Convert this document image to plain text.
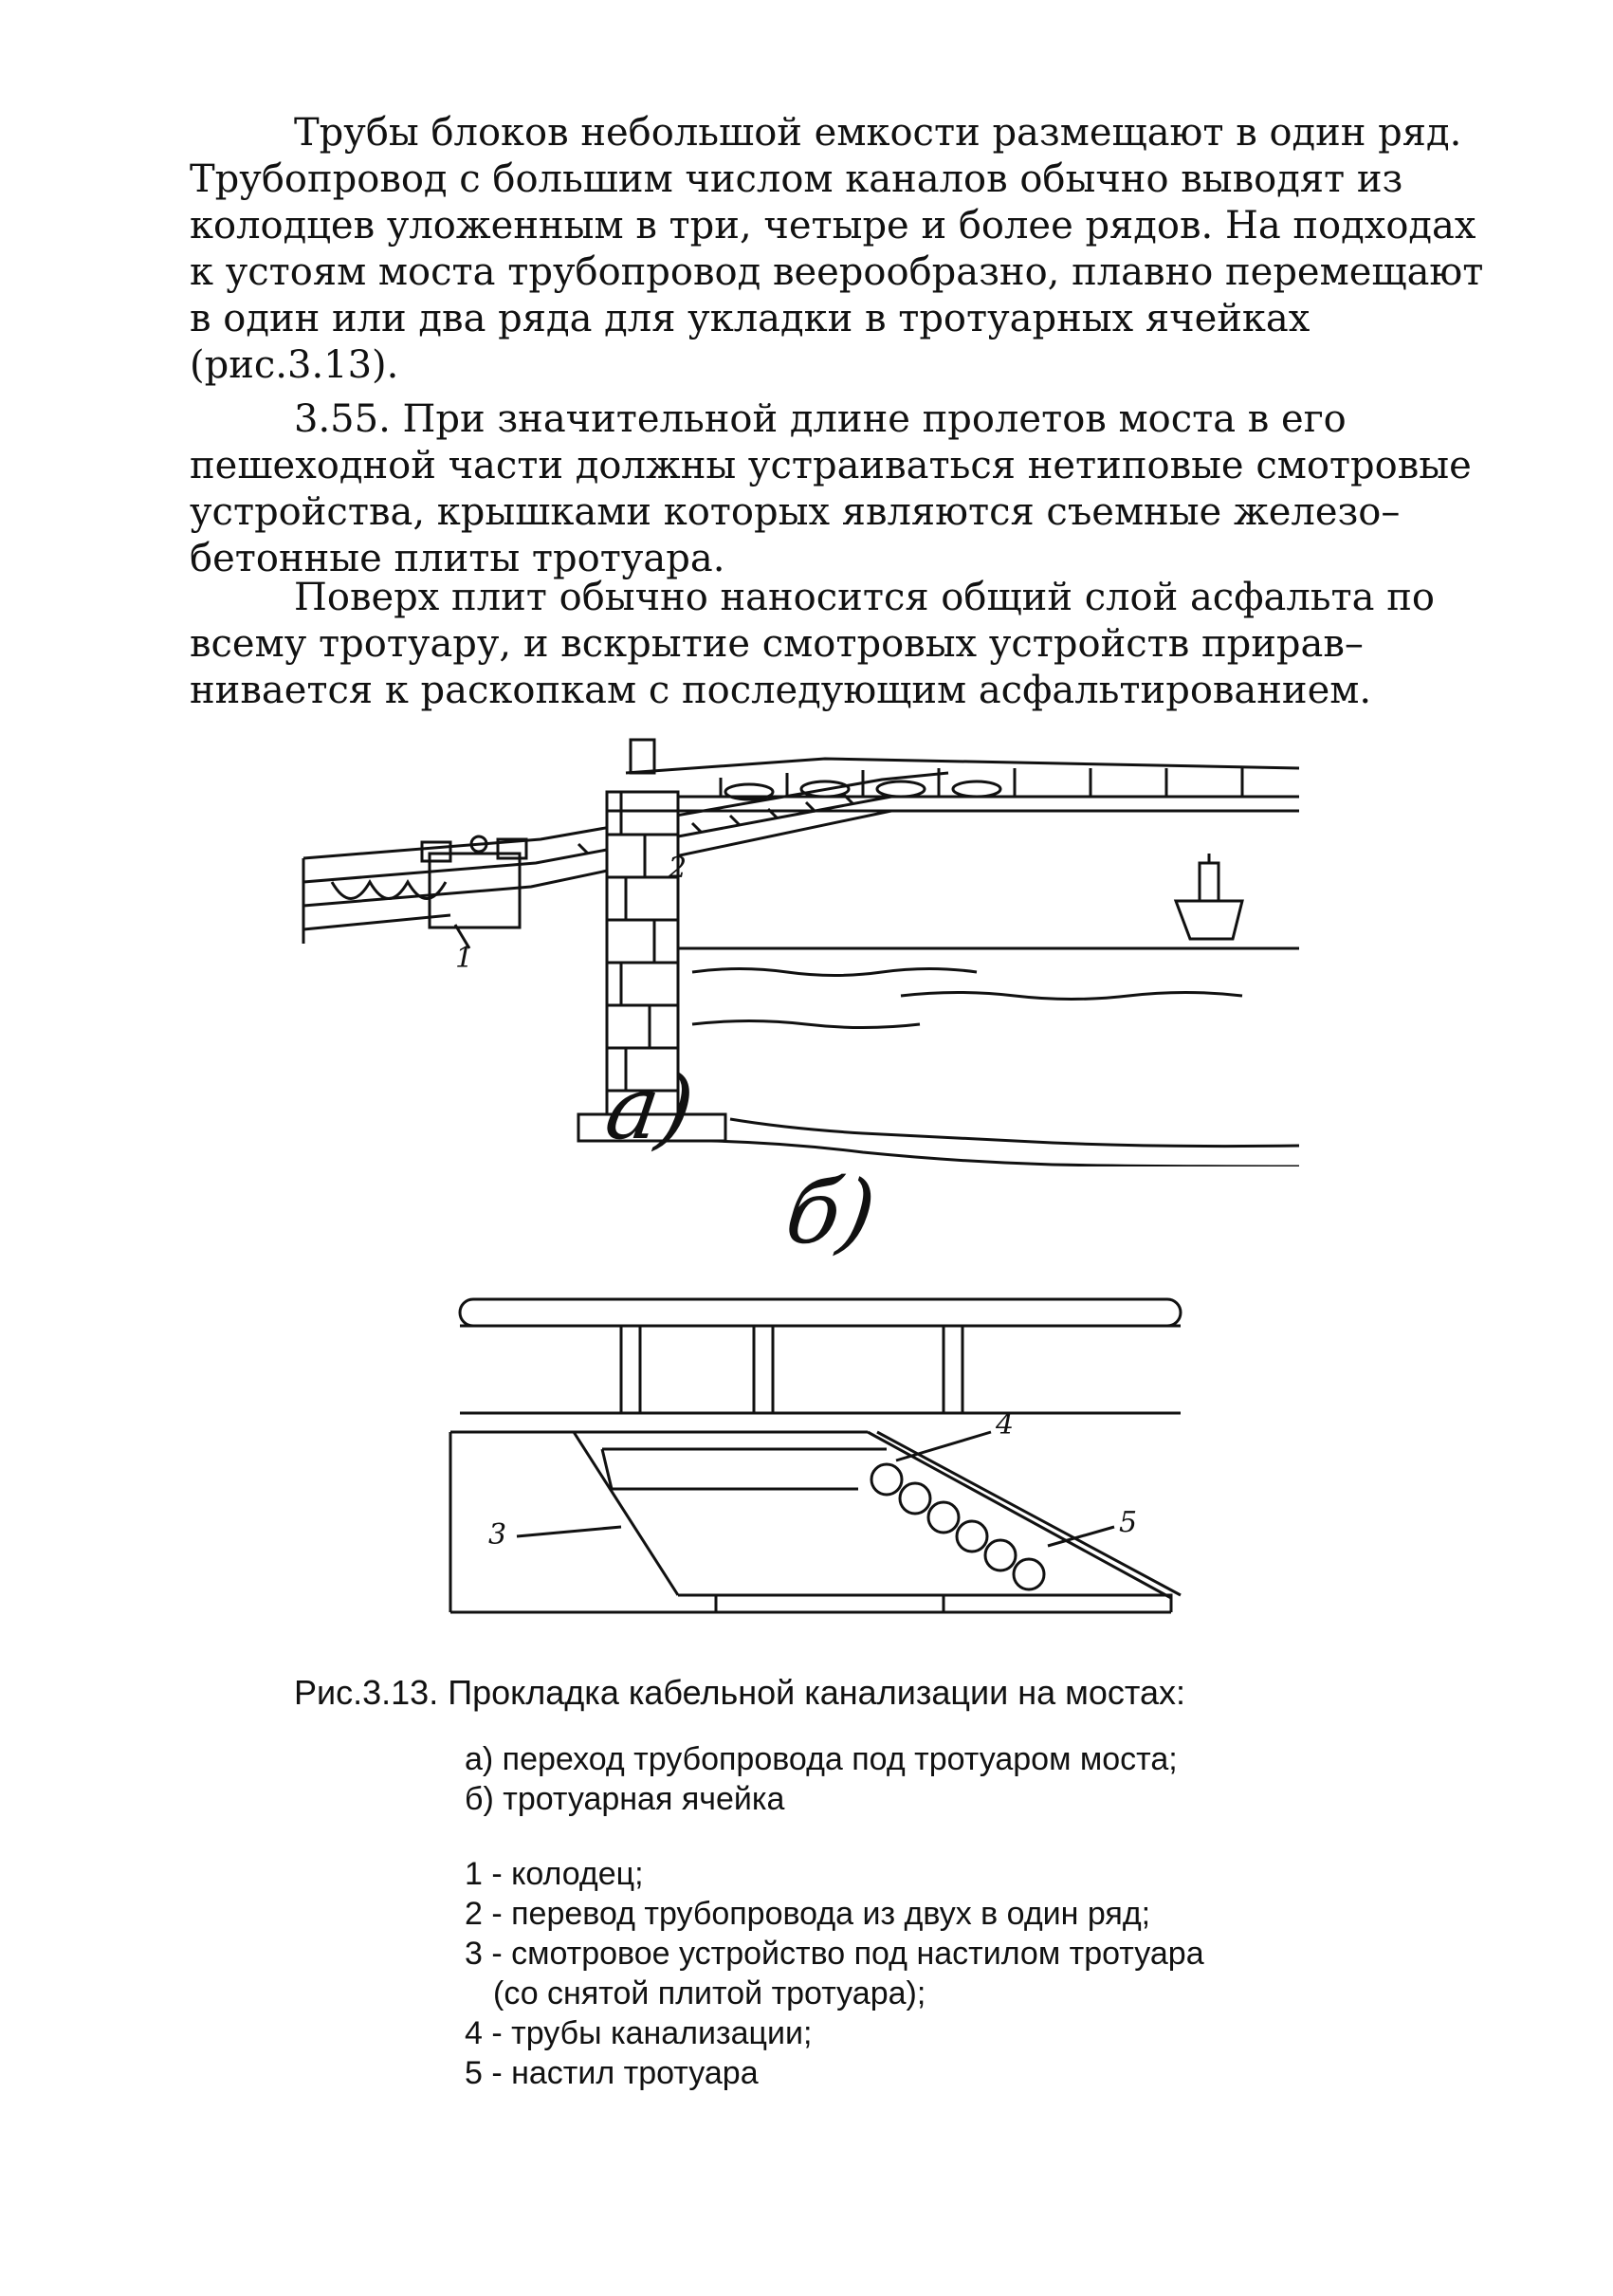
Трубы блоков небольшой емкости размещают в один ряд.
Трубопровод с большим числом каналов обычно выводят из
колодцев уложенным в три, четыре и более рядов. На подходах
к устоям моста трубопровод веерообразно, плавно перемещают
в один или два ряда для укладки в тротуарных ячейках
(рис.3.13).

3.55. При значительной длине пролетов моста в его
пешеходной части должны устраиваться нетиповые смотровые
устройства, крышками которых являются съемные железо–
бетонные плиты тротуара.

Поверх плит обычно наносится общий слой асфальта по
всему тротуару, и вскрытие смотровых устройств прирав–
нивается к раскопкам с последующим асфальтированием.

1
2
а)
б)
3
4
5

Рис.3.13. Прокладка кабельной канализации на мостах:

а) переход трубопровода под тротуаром моста;
б) тротуарная ячейка
1 - колодец;
2 - перевод трубопровода из двух в один ряд;
3 - смотровое устройство под настилом тротуара
(со снятой плитой тротуара);
4 - трубы канализации;
5 - настил тротуара
